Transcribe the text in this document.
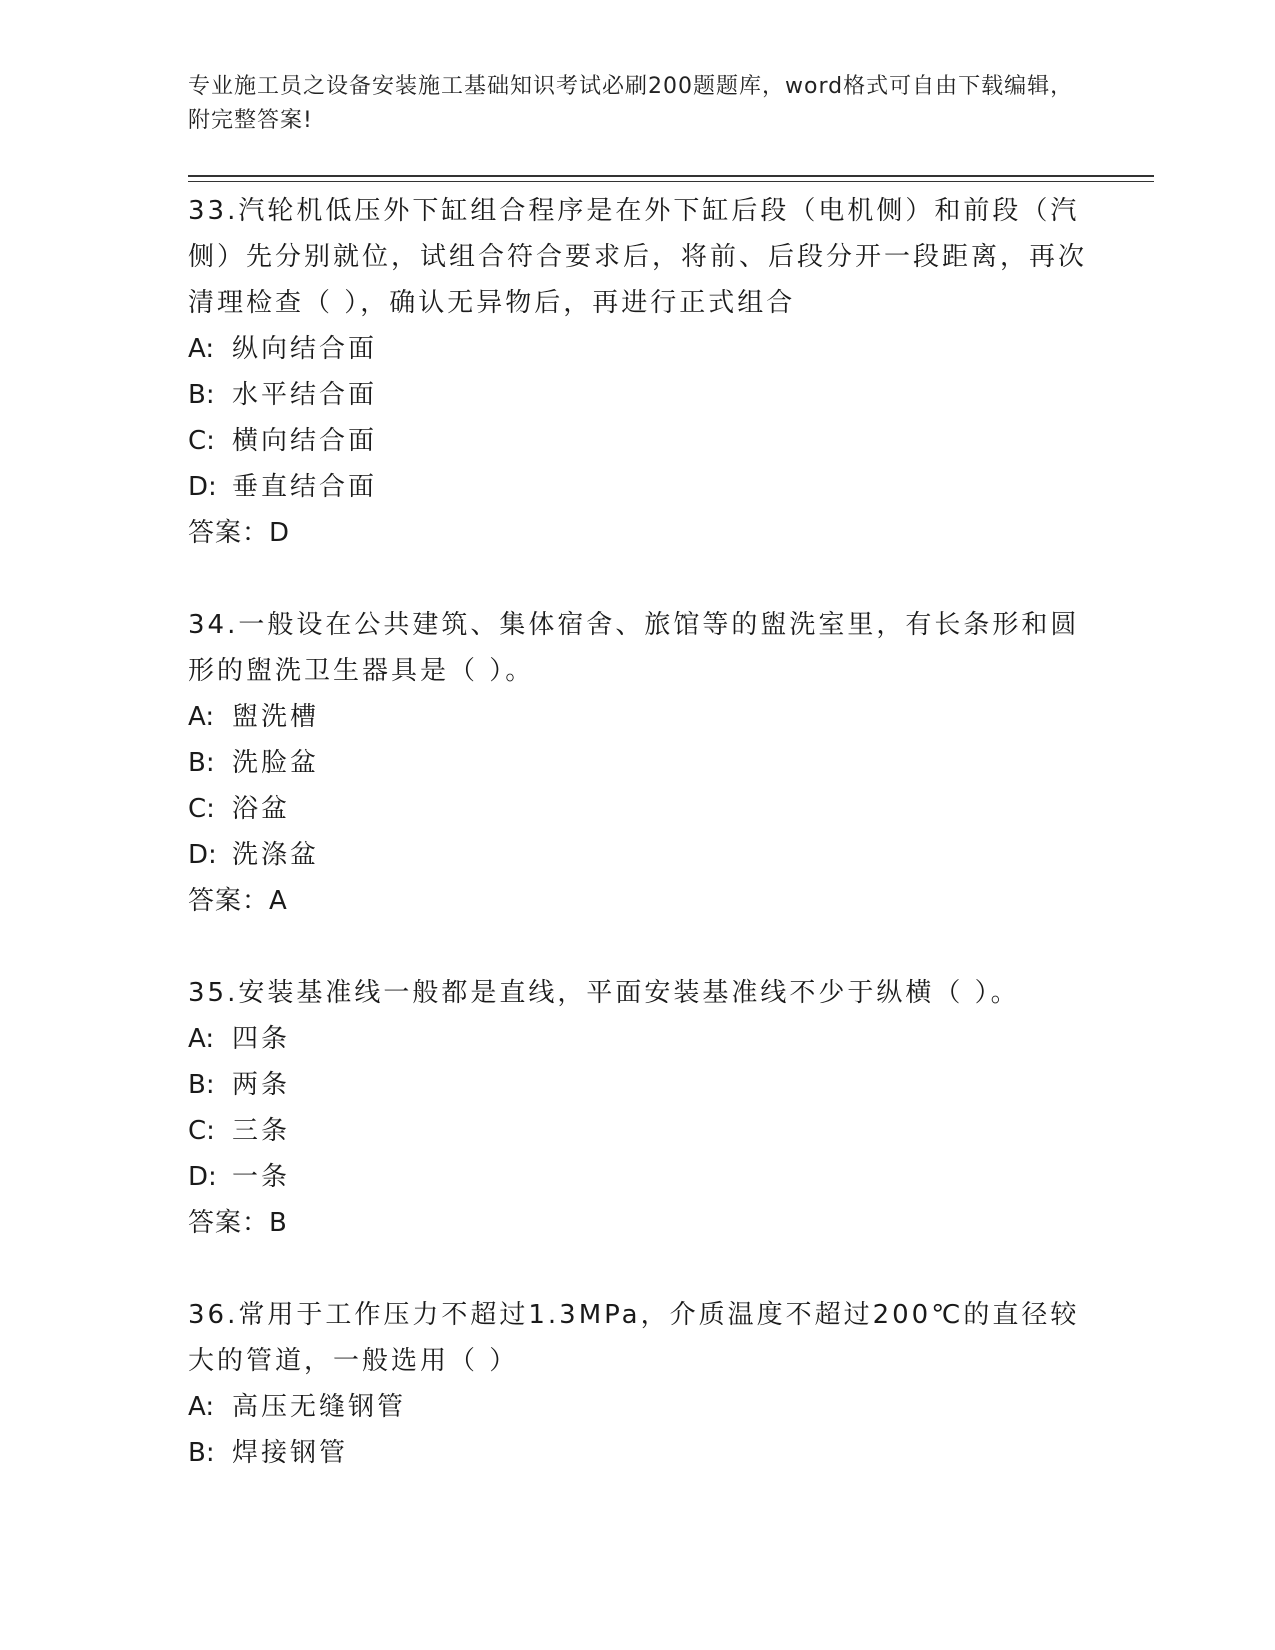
专业施工员之设备安装施工基础知识考试必刷200题题库，word格式可自由下载编辑，附完整答案!
33.汽轮机低压外下缸组合程序是在外下缸后段（电机侧）和前段（汽侧）先分别就位，试组合符合要求后，将前、后段分开一段距离，再次清理检查（ ），确认无异物后，再进行正式组合
A: 纵向结合面
B: 水平结合面
C: 横向结合面
D: 垂直结合面
答案：D
34.一般设在公共建筑、集体宿舍、旅馆等的盥洗室里，有长条形和圆形的盥洗卫生器具是（ ）。
A: 盥洗槽
B: 洗脸盆
C: 浴盆
D: 洗涤盆
答案：A
35.安装基准线一般都是直线，平面安装基准线不少于纵横（ ）。
A: 四条
B: 两条
C: 三条
D: 一条
答案：B
36.常用于工作压力不超过1.3MPa，介质温度不超过200℃的直径较大的管道，一般选用（ ）
A: 高压无缝钢管
B: 焊接钢管
